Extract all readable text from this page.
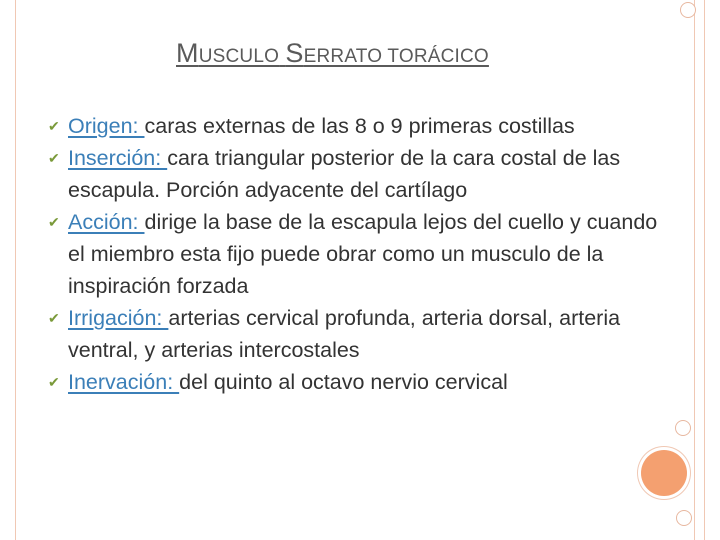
MUSCULO SERRATO TORÁCICO
✔ Origen: caras externas de las 8 o 9 primeras costillas
✔ Inserción: cara triangular posterior de la cara costal de las escapula. Porción adyacente del cartílago
✔ Acción: dirige la base de la escapula lejos del cuello y cuando el miembro esta fijo puede obrar como un musculo de la inspiración forzada
✔ Irrigación: arterias cervical profunda, arteria dorsal, arteria ventral, y arterias intercostales
✔ Inervación: del quinto al octavo nervio cervical
